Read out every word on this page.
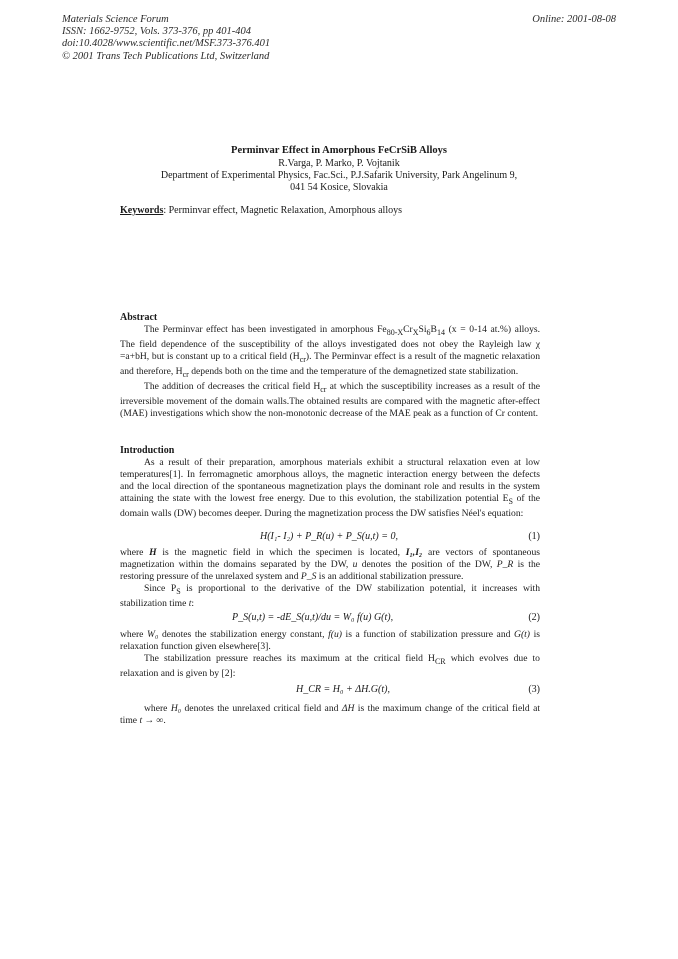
Materials Science Forum
ISSN: 1662-9752, Vols. 373-376, pp 401-404
doi:10.4028/www.scientific.net/MSF.373-376.401
© 2001 Trans Tech Publications Ltd, Switzerland
Online: 2001-08-08
Perminvar Effect in Amorphous FeCrSiB Alloys
R.Varga, P. Marko, P. Vojtanik
Department of Experimental Physics, Fac.Sci., P.J.Safarik University, Park Angelinum 9,
041 54 Kosice, Slovakia
Keywords: Perminvar effect, Magnetic Relaxation, Amorphous alloys

Abstract

The Perminvar effect has been investigated in amorphous $Fe_{80-X}Cr_XSi_6B_{14}$ (x = 0-14 at.%) alloys. The field dependence of the susceptibility of the alloys investigated does not obey the Rayleigh law χ =a+bH, but is constant up to a critical field $(H_{cr})$. The Perminvar effect is a result of the magnetic relaxation and therefore, $H_{cr}$ depends both on the time and the temperature of the demagnetized state stabilization.

The addition of decreases the critical field $H_{cr}$ at which the susceptibility increases as a result of the irreversible movement of the domain walls.The obtained results are compared with the magnetic after-effect (MAE) investigations which show the non-monotonic decrease of the MAE peak as a function of Cr content.

Introduction

As a result of their preparation, amorphous materials exhibit a structural relaxation even at low temperatures[1]. In ferromagnetic amorphous alloys, the magnetic interaction energy between the defects and the local direction of the spontaneous magnetization plays the dominant role and results in the system attaining the state with the lowest free energy. Due to this evolution, the stabilization potential $E_S$ of the domain walls (DW) becomes deeper. During the magnetization process the DW satisfies Néel's equation:

H(I₁- I₂) + P_R(u) + P_S(u,t) = 0,	(1)

where H is the magnetic field in which the specimen is located, I₁,I₂ are vectors of spontaneous magnetization within the domains separated by the DW, u denotes the position of the DW, P_R is the restoring pressure of the unrelaxed system and P_S is an additional stabilization pressure.

Since $P_S$ is proportional to the derivative of the DW stabilization potential, it increases with stabilization time t:

P_S(u,t) = -dE_S(u,t)/du = W₀ f(u) G(t),	(2)

where W₀ denotes the stabilization energy constant, f(u) is a function of stabilization pressure and G(t) is relaxation function given elsewhere[3].

The stabilization pressure reaches its maximum at the critical field $H_{CR}$ which evolves due to relaxation and is given by [2]:

H_CR = H₀ + ΔH.G(t),	(3)

where H₀ denotes the unrelaxed critical field and ΔH is the maximum change of the critical field at time t → ∞.
